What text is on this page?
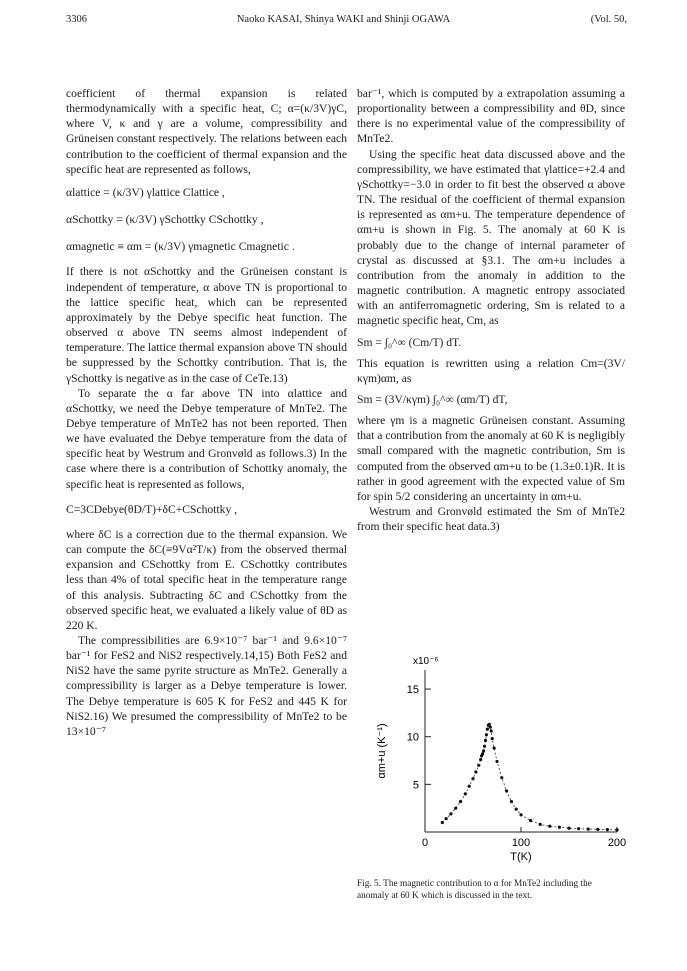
Naoko KASAI, Shinya WAKI and Shinji OGAWA
3306	(Vol. 50,

coefficient of thermal expansion is related thermodynamically with a specific heat, C; α=(κ/3V)γC, where V, κ and γ are a volume, compressibility and Grüneisen constant respectively. The relations between each contribution to the coefficient of thermal expansion and the specific heat are represented as follows,

αlattice = (κ/3V) γlattice Clattice ,

αSchottky = (κ/3V) γSchottky CSchottky ,

αmagnetic ≡ αm = (κ/3V) γmagnetic Cmagnetic .

If there is not αSchottky and the Grüneisen constant is independent of temperature, α above TN is proportional to the lattice specific heat, which can be represented approximately by the Debye specific heat function. The observed α above TN seems almost independent of temperature. The lattice thermal expansion above TN should be suppressed by the Schottky contribution. That is, the γSchottky is negative as in the case of CeTe.13)

To separate the α far above TN into αlattice and αSchottky, we need the Debye temperature of MnTe2. The Debye temperature of MnTe2 has not been reported. Then we have evaluated the Debye temperature from the data of specific heat by Westrum and Gronvøld as follows.3) In the case where there is a contribution of Schottky anomaly, the specific heat is represented as follows,

C=3CDebye(θD/T)+δC+CSchottky ,

where δC is a correction due to the thermal expansion. We can compute the δC(≡9Vα²T/κ) from the observed thermal expansion and CSchottky from E. CSchottky contributes less than 4% of total specific heat in the temperature range of this analysis. Subtracting δC and CSchottky from the observed specific heat, we evaluated a likely value of θD as 220 K.

The compressibilities are 6.9×10⁻⁷ bar⁻¹ and 9.6×10⁻⁷ bar⁻¹ for FeS2 and NiS2 respectively.14,15) Both FeS2 and NiS2 have the same pyrite structure as MnTe2. Generally a compressibility is larger as a Debye temperature is lower. The Debye temperature is 605 K for FeS2 and 445 K for NiS2.16) We presumed the compressibility of MnTe2 to be 13×10⁻⁷

bar⁻¹, which is computed by a extrapolation assuming a proportionality between a compressibility and θD, since there is no experimental value of the compressibility of MnTe2.

Using the specific heat data discussed above and the compressibility, we have estimated that γlattice=+2.4 and γSchottky=−3.0 in order to fit best the observed α above TN. The residual of the coefficient of thermal expansion is represented as αm+u. The temperature dependence of αm+u is shown in Fig. 5. The anomaly at 60 K is probably due to the change of internal parameter of crystal as discussed at §3.1. The αm+u includes a contribution from the anomaly in addition to the magnetic contribution. A magnetic entropy associated with an antiferromagnetic ordering, Sm is related to a magnetic specific heat, Cm, as

Sm = ∫₀^∞ (Cm/T) dT.

This equation is rewritten using a relation Cm=(3V/κγm)αm, as

Sm = (3V/κγm) ∫₀^∞ (αm/T) dT,

where γm is a magnetic Grüneisen constant. Assuming that a contribution from the anomaly at 60 K is negligibly small compared with the magnetic contribution, Sm is computed from the observed αm+u to be (1.3±0.1)R. It is rather in good agreement with the expected value of Sm for spin 5/2 considering an uncertainty in αm+u.

Westrum and Gronvøld estimated the Sm of MnTe2 from their specific heat data.3)

5
10
15
0	100	200
x10⁻⁶
αm+u (K⁻¹)
T(K)
Fig. 5. The magnetic contribution to α for MnTe2 including the anomaly at 60 K which is discussed in the text.
